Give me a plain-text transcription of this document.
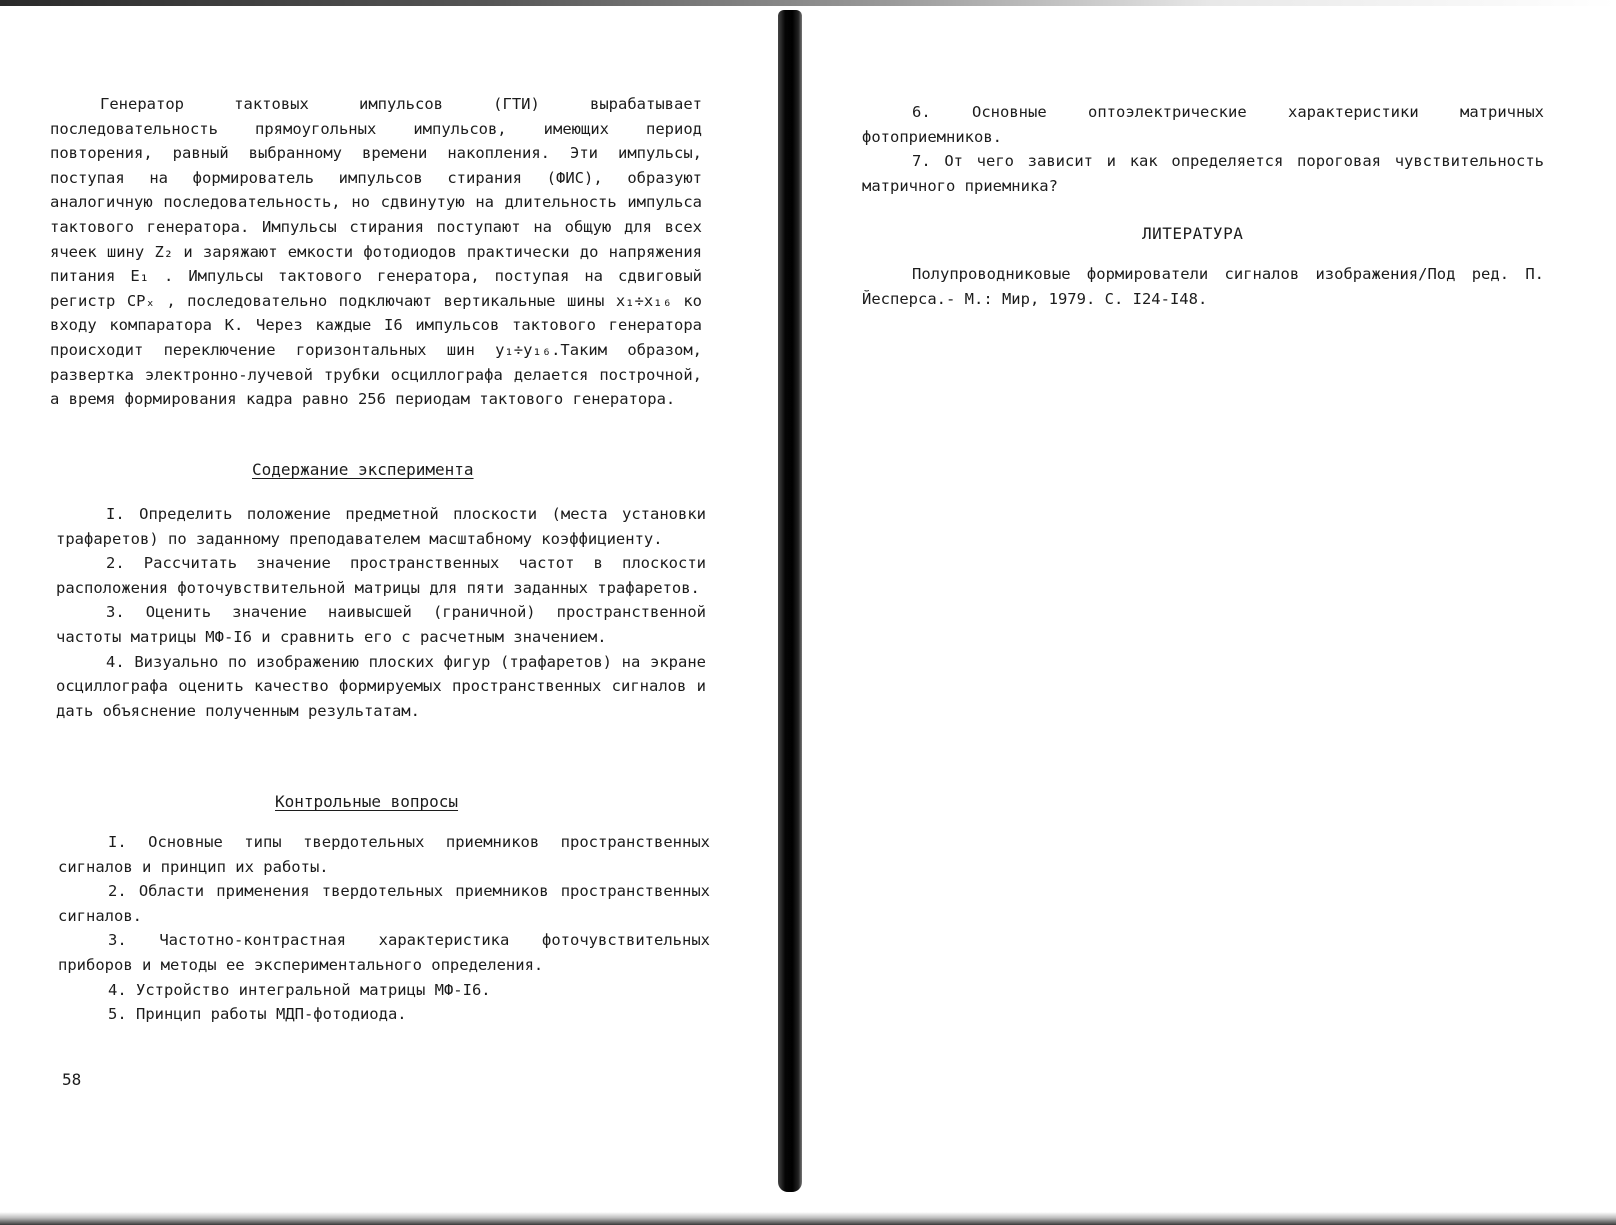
Генератор тактовых импульсов (ГТИ) вырабатывает последовательность прямоугольных импульсов, имеющих период повторения, равный выбранному времени накопления. Эти импульсы, поступая на формирователь импульсов стирания (ФИС), образуют аналогичную последовательность, но сдвинутую на длительность импульса тактового генератора. Импульсы стирания поступают на общую для всех ячеек шину Z₂ и заряжают емкости фотодиодов практически до напряжения питания E₁ . Импульсы тактового генератора, поступая на сдвиговый регистр CPₓ , последовательно подключают вертикальные шины x₁÷x₁₆ ко входу компаратора К. Через каждые I6 импульсов тактового генератора происходит переключение горизонтальных шин y₁÷y₁₆.Таким образом, развертка электронно-лучевой трубки осциллографа делается построчной, а время формирования кадра равно 256 периодам тактового генератора.

Содержание эксперимента

I. Определить положение предметной плоскости (места установки трафаретов) по заданному преподавателем масштабному коэффициенту.

2. Рассчитать значение пространственных частот в плоскости расположения фоточувствительной матрицы для пяти заданных трафаретов.

3. Оценить значение наивысшей (граничной) пространственной частоты матрицы МФ-I6 и сравнить его с расчетным значением.

4. Визуально по изображению плоских фигур (трафаретов) на экране осциллографа оценить качество формируемых пространственных сигналов и дать объяснение полученным результатам.

Контрольные вопросы

I. Основные типы твердотельных приемников пространственных сигналов и принцип их работы.

2. Области применения твердотельных приемников пространственных сигналов.

3. Частотно-контрастная характеристика фоточувствительных приборов и методы ее экспериментального определения.

4. Устройство интегральной матрицы МФ-I6.

5. Принцип работы МДП-фотодиода.

58

6. Основные оптоэлектрические характеристики матричных фотоприемников.

7. От чего зависит и как определяется пороговая чувствительность матричного приемника?

ЛИТЕРАТУРА

Полупроводниковые формирователи сигналов изображения/Под ред. П. Йесперса.- М.: Мир, 1979. С. I24-I48.
